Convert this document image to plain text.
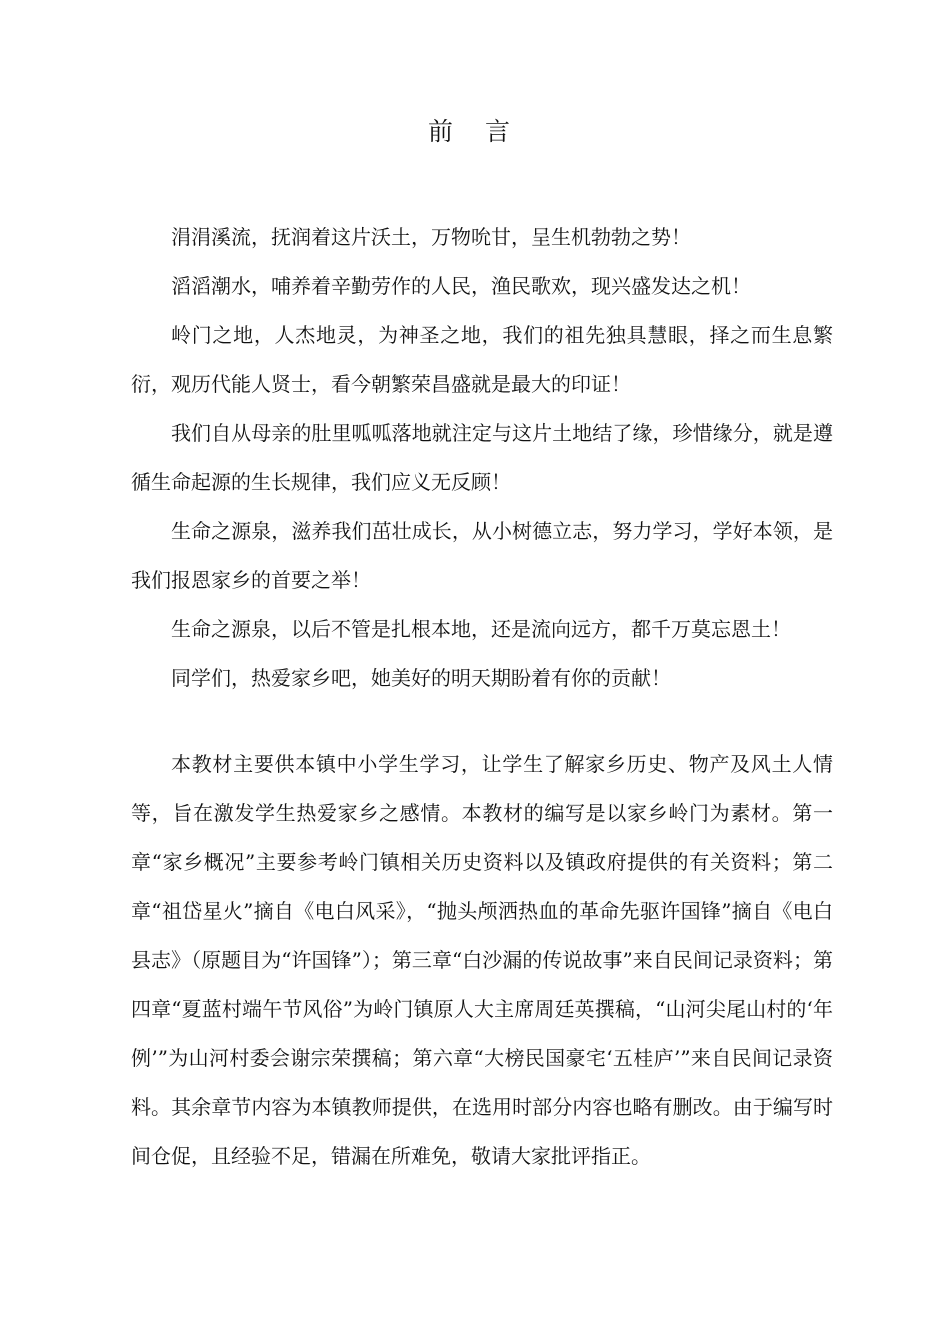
前 言

涓涓溪流，抚润着这片沃土，万物吮甘，呈生机勃勃之势！

滔滔潮水，哺养着辛勤劳作的人民，渔民歌欢，现兴盛发达之机！

岭门之地，人杰地灵，为神圣之地，我们的祖先独具慧眼，择之而生息繁衍，观历代能人贤士，看今朝繁荣昌盛就是最大的印证！

我们自从母亲的肚里呱呱落地就注定与这片土地结了缘，珍惜缘分，就是遵循生命起源的生长规律，我们应义无反顾！

生命之源泉，滋养我们茁壮成长，从小树德立志，努力学习，学好本领，是我们报恩家乡的首要之举！

生命之源泉，以后不管是扎根本地，还是流向远方，都千万莫忘恩土！

同学们，热爱家乡吧，她美好的明天期盼着有你的贡献！

本教材主要供本镇中小学生学习，让学生了解家乡历史、物产及风土人情等，旨在激发学生热爱家乡之感情。本教材的编写是以家乡岭门为素材。第一章“家乡概况”主要参考岭门镇相关历史资料以及镇政府提供的有关资料；第二章“祖岱星火”摘自《电白风采》，“抛头颅洒热血的革命先驱许国锋”摘自《电白县志》（原题目为“许国锋”）；第三章“白沙漏的传说故事”来自民间记录资料；第四章“夏蓝村端午节风俗”为岭门镇原人大主席周廷英撰稿，“山河尖尾山村的‘年例’”为山河村委会谢宗荣撰稿；第六章“大榜民国豪宅‘五桂庐’”来自民间记录资料。其余章节内容为本镇教师提供，在选用时部分内容也略有删改。由于编写时间仓促，且经验不足，错漏在所难免，敬请大家批评指正。
